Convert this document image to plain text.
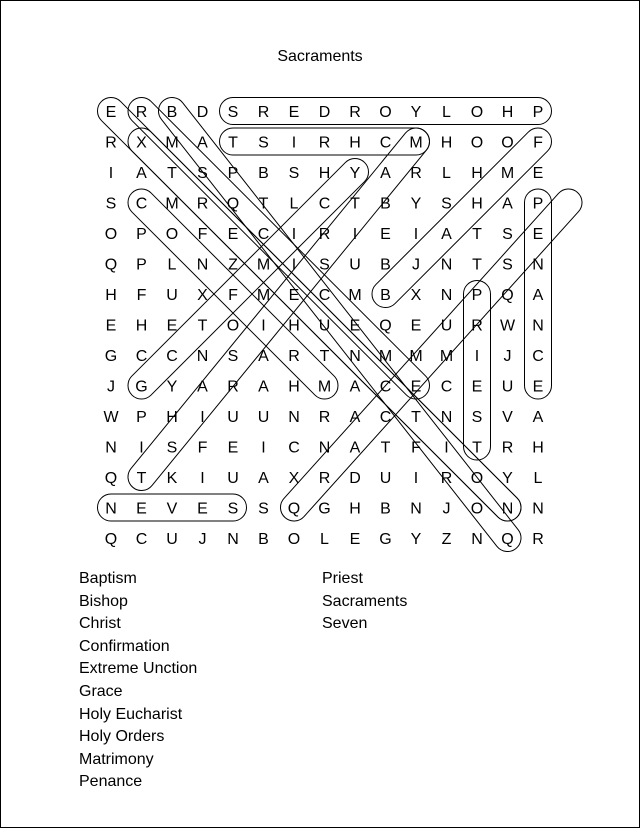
Sacraments
E R B D S R E D R O Y L O H P
R X M A T S I R H C M H O O F
I A T S P B S H Y A R L H M E
S C M R Q T L C T B Y S H A P
O P O F E C I R I E I A T S E
Q P L N Z M I S U B J N T S N
H F U X F M E C M B X N P Q A
E H E T O I H U E Q E U R W N
G C C N S A R T N M M M I J C
J G Y A R A H M A C E C E U E
W P H I U U N R A C T N S V A
N I S F E I C N A T F I T R H
Q T K I U A X R D U I R O Y L
N E V E S S Q G H B N J O N N
Q C U J N B O L E G Y Z N Q R
Baptism
Bishop
Christ
Confirmation
Extreme Unction
Grace
Holy Eucharist
Holy Orders
Matrimony
Penance
Priest
Sacraments
Seven
